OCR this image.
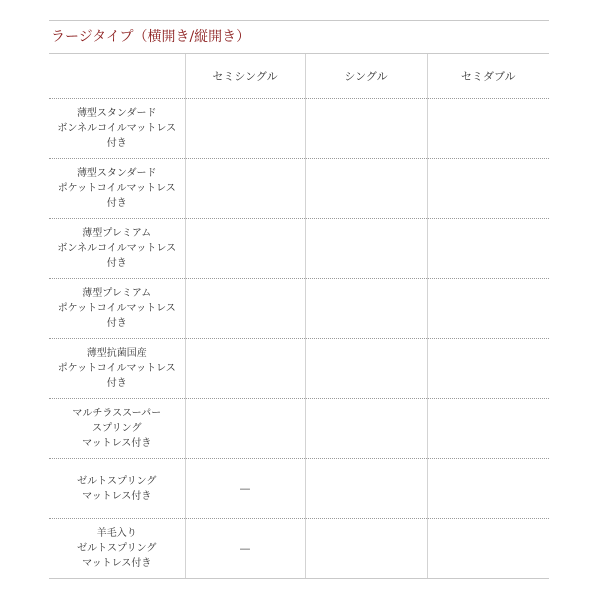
ラージタイプ（横開き/縦開き）
	セミシングル	シングル	セミダブル

薄型スタンダード
ボンネルコイルマットレス
付き			

薄型スタンダード
ポケットコイルマットレス
付き			

薄型プレミアム
ボンネルコイルマットレス
付き			

薄型プレミアム
ポケットコイルマットレス
付き			

薄型抗菌国産
ポケットコイルマットレス
付き			

マルチラススーパー
スプリング
マットレス付き			

ゼルトスプリング
マットレス付き	—		

羊毛入り
ゼルトスプリング
マットレス付き	—		
